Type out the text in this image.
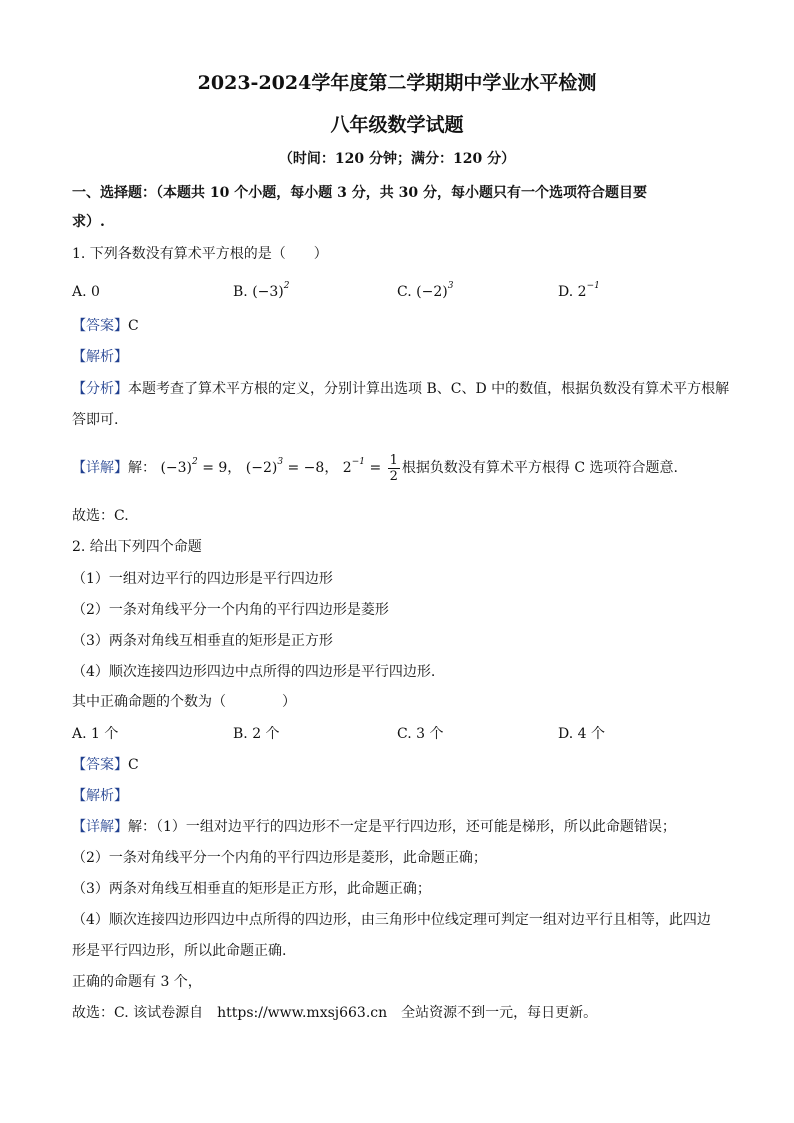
2023-2024学年度第二学期期中学业水平检测
八年级数学试题
（时间：120 分钟；满分：120 分）
一、选择题：（本题共 10 个小题，每小题 3 分，共 30 分，每小题只有一个选项符合题目要
求）.
1. 下列各数没有算术平方根的是（　　）
A. 0	B. $(-3)^2$	C. $(-2)^3$	D. $2^{-1}$
【答案】C
【解析】
【分析】本题考查了算术平方根的定义，分别计算出选项 B、C、D 中的数值，根据负数没有算术平方根解
答即可.
【详解】解： $(-3)^2 = 9$， $(-2)^3 = -8$， $2^{-1} = \frac{1}{2}$ 根据负数没有算术平方根得 C 选项符合题意.
故选：C.
2. 给出下列四个命题
（1）一组对边平行的四边形是平行四边形
（2）一条对角线平分一个内角的平行四边形是菱形
（3）两条对角线互相垂直的矩形是正方形
（4）顺次连接四边形四边中点所得的四边形是平行四边形.
其中正确命题的个数为（　　　　）
A. 1 个	B. 2 个	C. 3 个	D. 4 个
【答案】C
【解析】
【详解】解：（1）一组对边平行的四边形不一定是平行四边形，还可能是梯形，所以此命题错误；
（2）一条对角线平分一个内角的平行四边形是菱形，此命题正确；
（3）两条对角线互相垂直的矩形是正方形，此命题正确；
（4）顺次连接四边形四边中点所得的四边形，由三角形中位线定理可判定一组对边平行且相等，此四边
形是平行四边形，所以此命题正确.
正确的命题有 3 个，
故选：C. 该试卷源自　https://www.mxsj663.cn　全站资源不到一元，每日更新。
